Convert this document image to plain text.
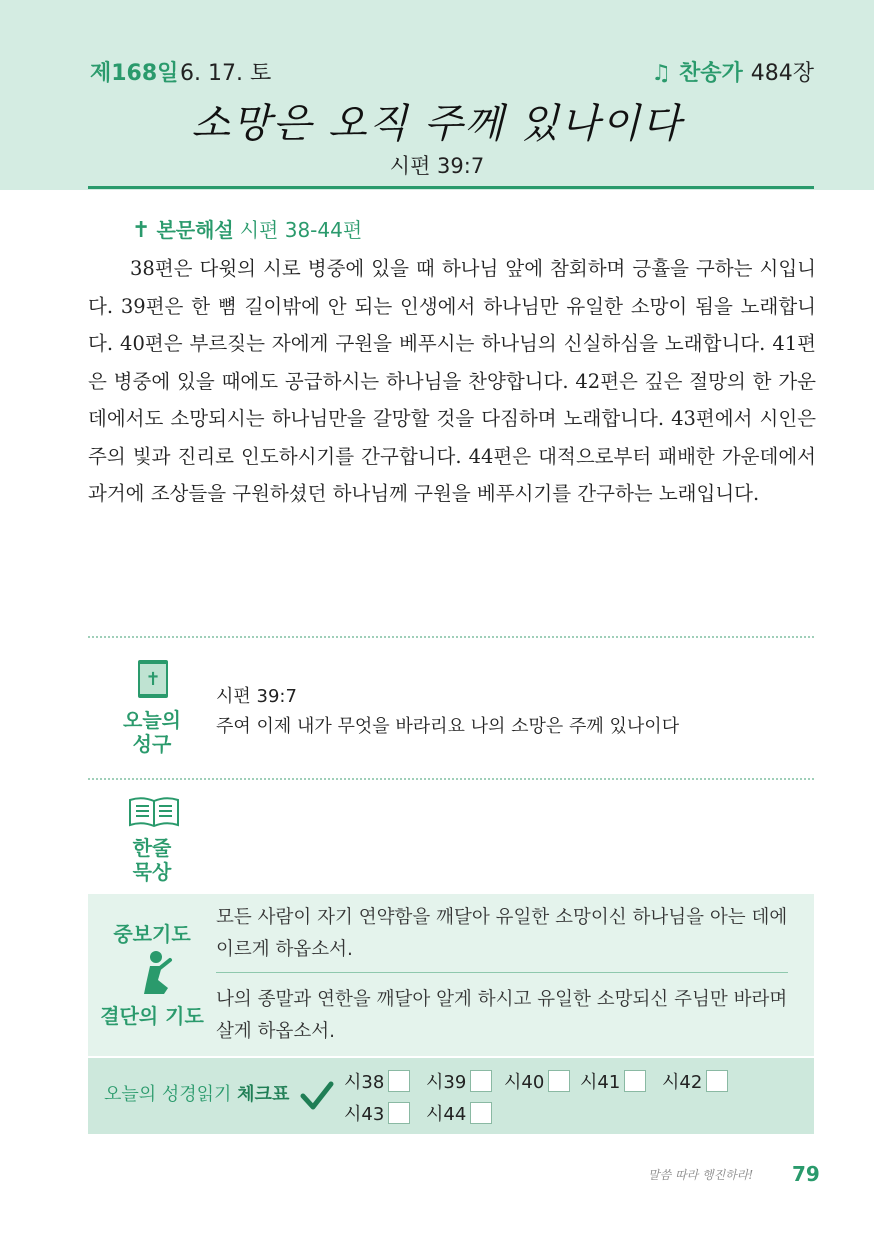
제168일 6. 17. 토	♫ 찬송가 484장
소망은 오직 주께 있나이다
시편 39:7
✝ 본문해설 시편 38-44편

38편은 다윗의 시로 병중에 있을 때 하나님 앞에 참회하며 긍휼을 구하는 시입니다. 39편은 한 뼘 길이밖에 안 되는 인생에서 하나님만 유일한 소망이 됨을 노래합니다. 40편은 부르짖는 자에게 구원을 베푸시는 하나님의 신실하심을 노래합니다. 41편은 병중에 있을 때에도 공급하시는 하나님을 찬양합니다. 42편은 깊은 절망의 한 가운데에서도 소망되시는 하나님만을 갈망할 것을 다짐하며 노래합니다. 43편에서 시인은 주의 빛과 진리로 인도하시기를 간구합니다. 44편은 대적으로부터 패배한 가운데에서 과거에 조상들을 구원하셨던 하나님께 구원을 베푸시기를 간구하는 노래입니다.

✝
오늘의
성구
시편 39:7
주여 이제 내가 무엇을 바라리요 나의 소망은 주께 있나이다
한줄
묵상
중보기도
모든 사람이 자기 연약함을 깨달아 유일한 소망이신 하나님을 아는 데에 이르게 하옵소서.
결단의 기도
나의 종말과 연한을 깨달아 알게 하시고 유일한 소망되신 주님만 바라며 살게 하옵소서.
오늘의 성경읽기 체크표
시38 시39 시40 시41 시42
시43 시44
말씀 따라 행진하라! 79
